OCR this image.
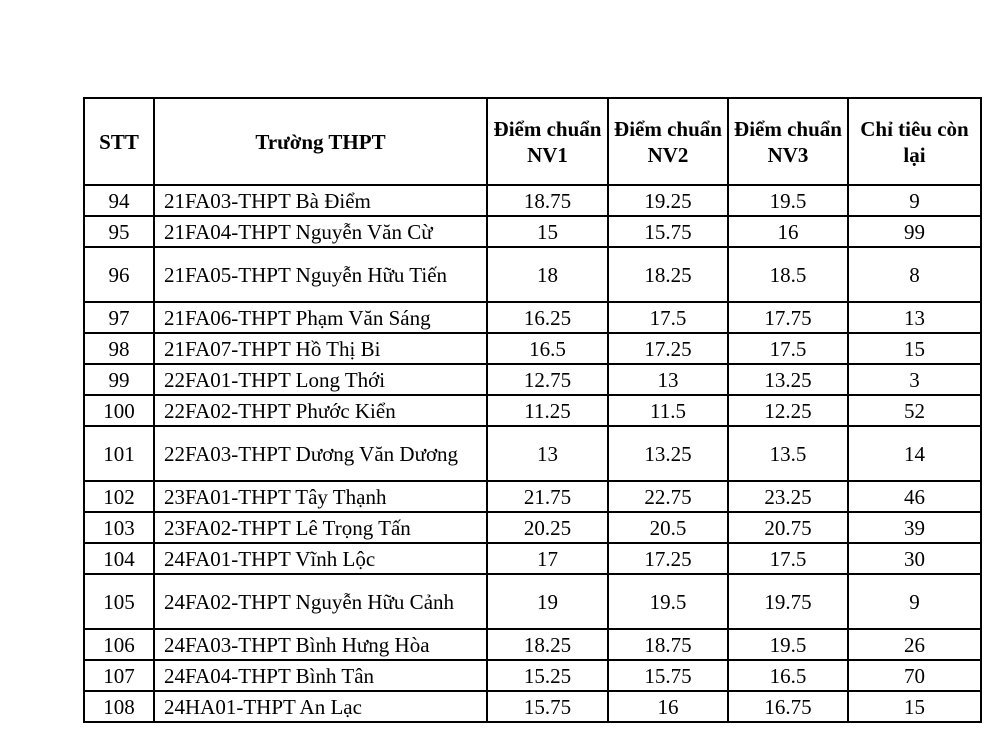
STT	Trường THPT	Điểm chuẩn NV1	Điểm chuẩn NV2	Điểm chuẩn NV3	Chỉ tiêu còn lại
94	21FA03-THPT Bà Điểm	18.75	19.25	19.5	9
95	21FA04-THPT Nguyễn Văn Cừ	15	15.75	16	99
96	21FA05-THPT Nguyễn Hữu Tiến	18	18.25	18.5	8
97	21FA06-THPT Phạm Văn Sáng	16.25	17.5	17.75	13
98	21FA07-THPT Hồ Thị Bi	16.5	17.25	17.5	15
99	22FA01-THPT Long Thới	12.75	13	13.25	3
100	22FA02-THPT Phước Kiển	11.25	11.5	12.25	52
101	22FA03-THPT Dương Văn Dương	13	13.25	13.5	14
102	23FA01-THPT Tây Thạnh	21.75	22.75	23.25	46
103	23FA02-THPT Lê Trọng Tấn	20.25	20.5	20.75	39
104	24FA01-THPT Vĩnh Lộc	17	17.25	17.5	30
105	24FA02-THPT Nguyễn Hữu Cảnh	19	19.5	19.75	9
106	24FA03-THPT Bình Hưng Hòa	18.25	18.75	19.5	26
107	24FA04-THPT Bình Tân	15.25	15.75	16.5	70
108	24HA01-THPT An Lạc	15.75	16	16.75	15
